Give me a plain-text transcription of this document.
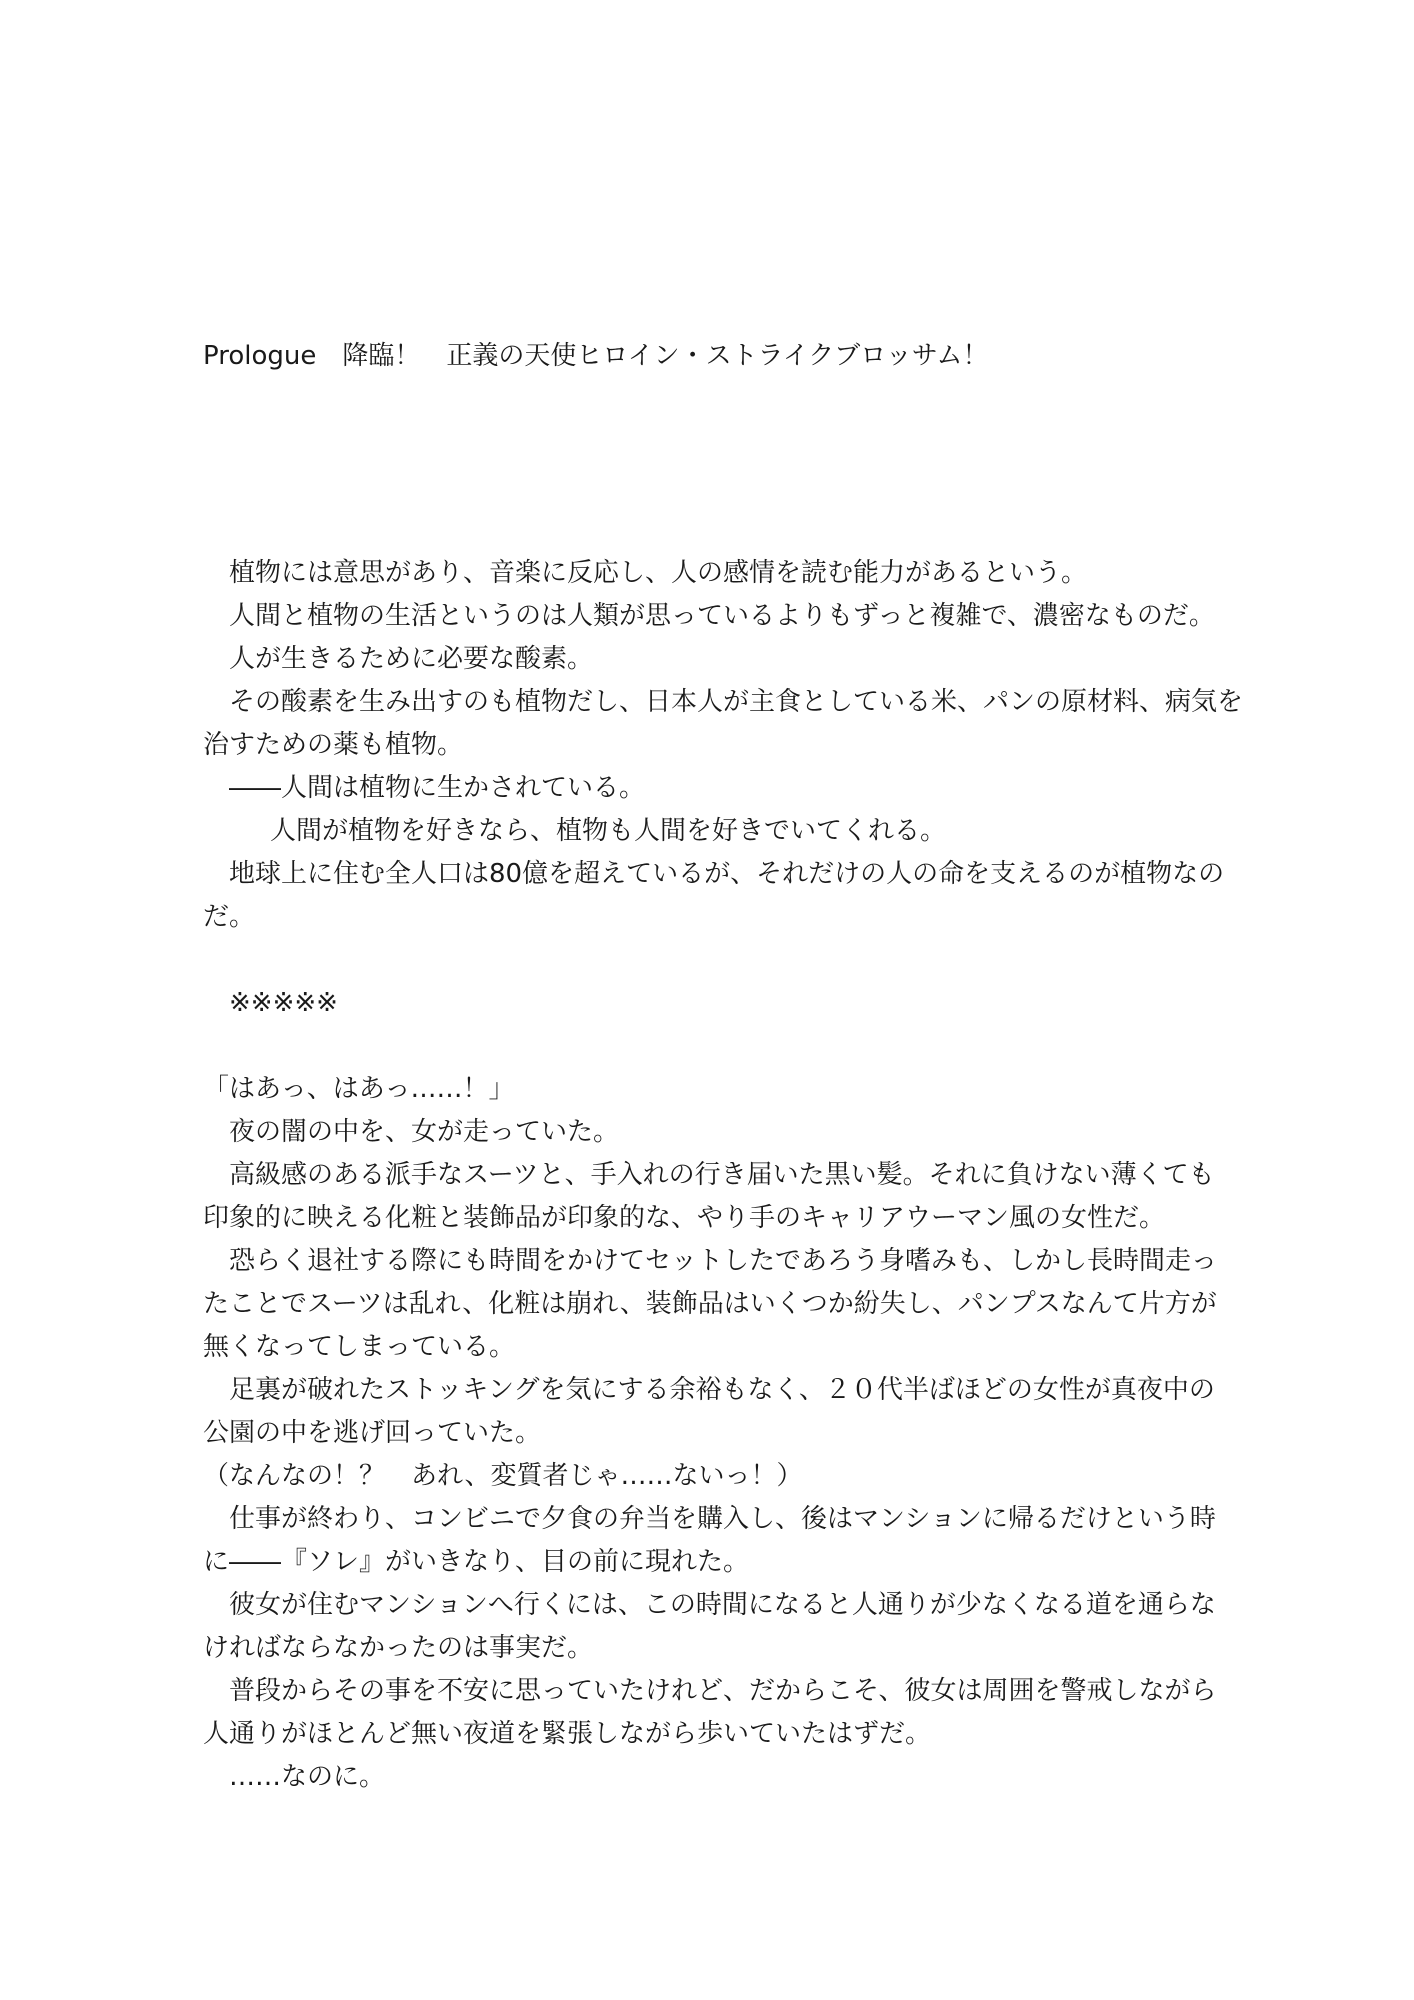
Prologue　降臨！　正義の天使ヒロイン・ストライクブロッサム！
植物には意思があり、音楽に反応し、人の感情を読む能力があるという。
人間と植物の生活というのは人類が思っているよりもずっと複雑で、濃密なものだ。
人が生きるために必要な酸素。
その酸素を生み出すのも植物だし、日本人が主食としている米、パンの原材料、病気を
治すための薬も植物。
――人間は植物に生かされている。
人間が植物を好きなら、植物も人間を好きでいてくれる。
地球上に住む全人口は80億を超えているが、それだけの人の命を支えるのが植物なの
だ。
※※※※※
「はあっ、はあっ……！」
夜の闇の中を、女が走っていた。
高級感のある派手なスーツと、手入れの行き届いた黒い髪。それに負けない薄くても
印象的に映える化粧と装飾品が印象的な、やり手のキャリアウーマン風の女性だ。
恐らく退社する際にも時間をかけてセットしたであろう身嗜みも、しかし長時間走っ
たことでスーツは乱れ、化粧は崩れ、装飾品はいくつか紛失し、パンプスなんて片方が
無くなってしまっている。
足裏が破れたストッキングを気にする余裕もなく、２０代半ばほどの女性が真夜中の
公園の中を逃げ回っていた。
（なんなの！？　あれ、変質者じゃ……ないっ！）
仕事が終わり、コンビニで夕食の弁当を購入し、後はマンションに帰るだけという時
に――『ソレ』がいきなり、目の前に現れた。
彼女が住むマンションへ行くには、この時間になると人通りが少なくなる道を通らな
ければならなかったのは事実だ。
普段からその事を不安に思っていたけれど、だからこそ、彼女は周囲を警戒しながら
人通りがほとんど無い夜道を緊張しながら歩いていたはずだ。
……なのに。
